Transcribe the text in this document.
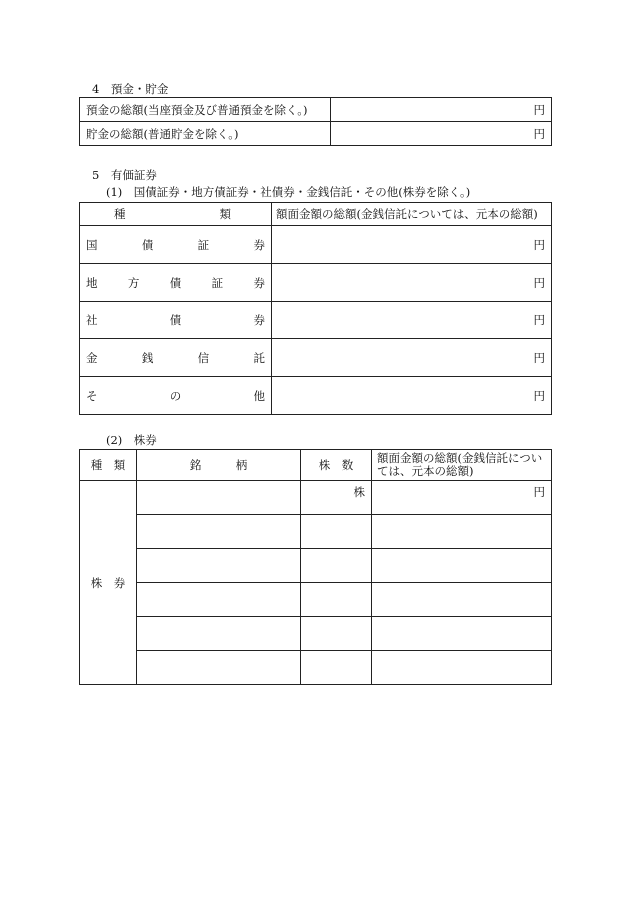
4　預金・貯金
預金の総額(当座預金及び普通預金を除く。)	円
貯金の総額(普通貯金を除く。)	円
5　有価証券
(1)　国債証券・地方債証券・社債券・金銭信託・その他(株券を除く。)
種 類	額面金額の総額(金銭信託については、元本の総額)

国 債 証 券	円

地 方 債 証 券	円

社 債 券	円

金 銭 信 託	円

そ の 他	円
(2)　株券
種　類	銘　　　柄	株　数	額面金額の総額(金銭信託については、元本の総額)
株　券		株	円
